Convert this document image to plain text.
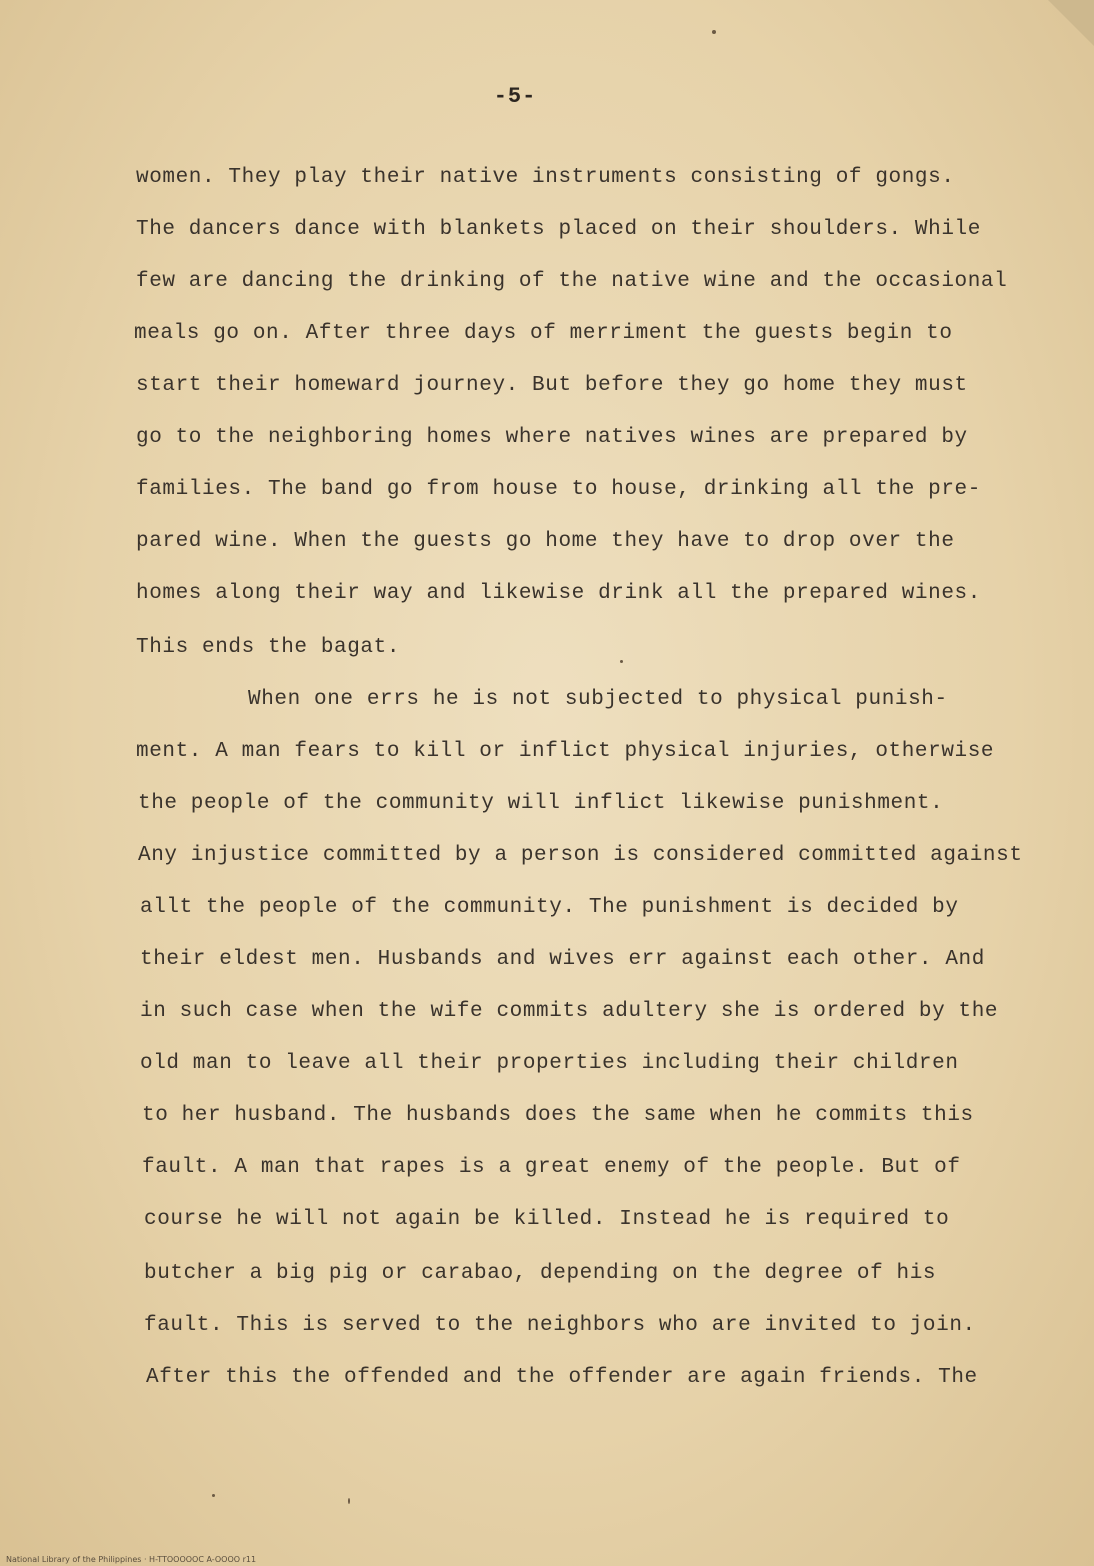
-5-
women. They play their native instruments consisting of gongs.
The dancers dance with blankets placed on their shoulders. While
few are dancing the drinking of the native wine and the occasional
meals go on. After three days of merriment the guests begin to
start their homeward journey. But before they go home they must
go to the neighboring homes where natives wines are prepared by
families. The band go from house to house, drinking all the pre-
pared wine. When the guests go home they have to drop over the
homes along their way and likewise drink all the prepared wines.
This ends the bagat.
When one errs he is not subjected to physical punish-
ment. A man fears to kill or inflict physical injuries, otherwise
the people of the community will inflict likewise punishment.
Any injustice committed by a person is considered committed against
allt the people of the community. The punishment is decided by
their eldest men. Husbands and wives err against each other. And
in such case when the wife commits adultery she is ordered by the
old man to leave all their properties including their children
to her husband. The husbands does the same when he commits this
fault. A man that rapes is a great enemy of the people. But of
course he will not again be killed. Instead he is required to
butcher a big pig or carabao, depending on the degree of his
fault. This is served to the neighbors who are invited to join.
After this the offended and the offender are again friends. The
National Library of the Philippines · H-TTOOOOOC A-OOOO r11
